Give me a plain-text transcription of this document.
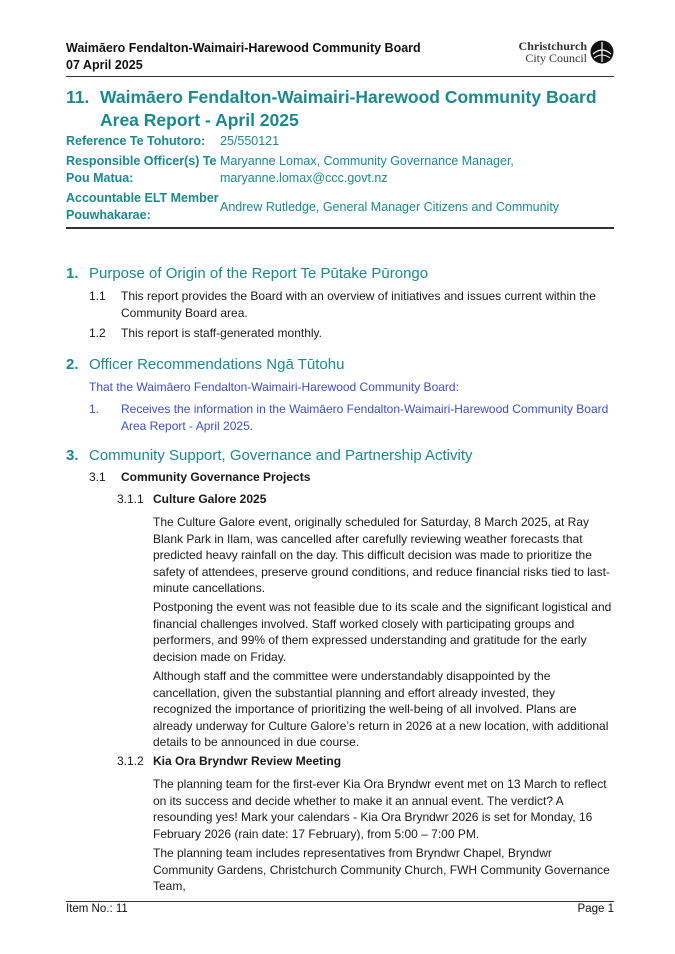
Waimāero Fendalton-Waimairi-Harewood Community Board
07 April 2025
Christchurch
City Council
11. Waimāero Fendalton-Waimairi-Harewood Community Board
Area Report - April 2025
Reference Te Tohutoro:	25/550121
Responsible Officer(s) Te Pou Matua:
Maryanne Lomax, Community Governance Manager, maryanne.lomax@ccc.govt.nz
Accountable ELT Member Pouwhakarae:
Andrew Rutledge, General Manager Citizens and Community
1. Purpose of Origin of the Report Te Pūtake Pūrongo
1.1 This report provides the Board with an overview of initiatives and issues current within the Community Board area.
1.2 This report is staff-generated monthly.
2. Officer Recommendations Ngā Tūtohu
That the Waimāero Fendalton-Waimairi-Harewood Community Board:
1. Receives the information in the Waimāero Fendalton-Waimairi-Harewood Community Board Area Report - April 2025.
3. Community Support, Governance and Partnership Activity
3.1 Community Governance Projects
3.1.1 Culture Galore 2025
The Culture Galore event, originally scheduled for Saturday, 8 March 2025, at Ray Blank Park in Ilam, was cancelled after carefully reviewing weather forecasts that predicted heavy rainfall on the day. This difficult decision was made to prioritize the safety of attendees, preserve ground conditions, and reduce financial risks tied to last-minute cancellations.
Postponing the event was not feasible due to its scale and the significant logistical and financial challenges involved. Staff worked closely with participating groups and performers, and 99% of them expressed understanding and gratitude for the early decision made on Friday.
Although staff and the committee were understandably disappointed by the cancellation, given the substantial planning and effort already invested, they recognized the importance of prioritizing the well-being of all involved. Plans are already underway for Culture Galore’s return in 2026 at a new location, with additional details to be announced in due course.
3.1.2 Kia Ora Bryndwr Review Meeting
The planning team for the first-ever Kia Ora Bryndwr event met on 13 March to reflect on its success and decide whether to make it an annual event. The verdict? A resounding yes! Mark your calendars - Kia Ora Bryndwr 2026 is set for Monday, 16 February 2026 (rain date: 17 February), from 5:00 – 7:00 PM.
The planning team includes representatives from Bryndwr Chapel, Bryndwr Community Gardens, Christchurch Community Church, FWH Community Governance Team,
Item No.: 11	Page 1
